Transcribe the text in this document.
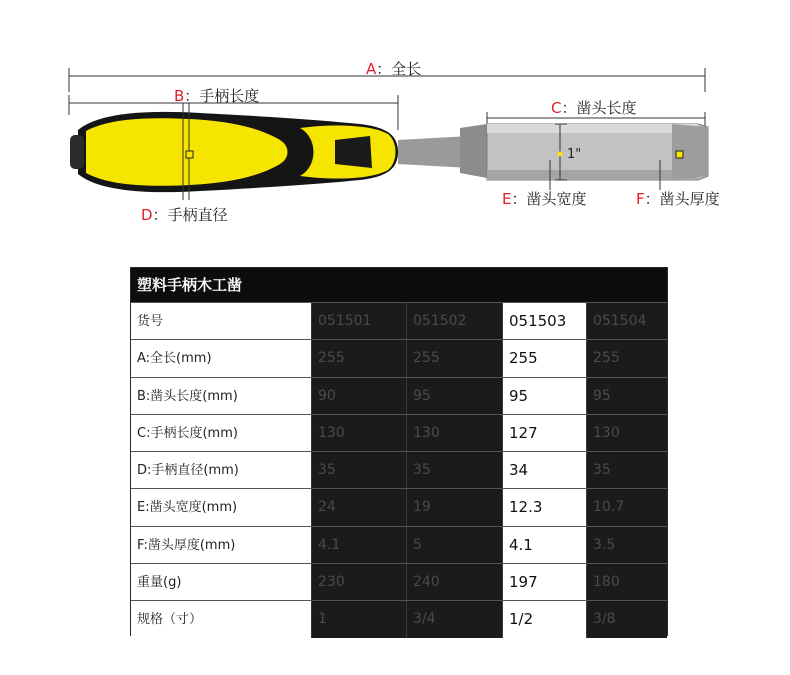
1"
A：全长
B：手柄长度
C：凿头长度
D：手柄直径
E：凿头宽度	F：凿头厚度
塑料手柄木工凿
货号	051501	051502	051503	051504
A:全长(mm)	255	255	255	255
B:凿头长度(mm)	90	95	95	95
C:手柄长度(mm)	130	130	127	130
D:手柄直径(mm)	35	35	34	35
E:凿头宽度(mm)	24	19	12.3	10.7
F:凿头厚度(mm)	4.1	5	4.1	3.5
重量(g)	230	240	197	180
规格（寸）	1	3/4	1/2	3/8
